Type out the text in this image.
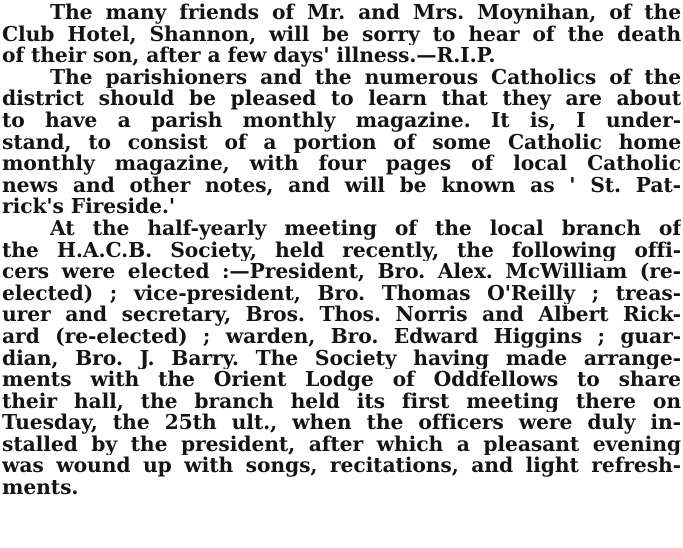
The many friends of Mr. and Mrs. Moynihan, of the
Club Hotel, Shannon, will be sorry to hear of the death
of their son, after a few days' illness.—R.I.P.
The parishioners and the numerous Catholics of the
district should be pleased to learn that they are about
to have a parish monthly magazine. It is, I under-
stand, to consist of a portion of some Catholic home
monthly magazine, with four pages of local Catholic
news and other notes, and will be known as ' St. Pat-
rick's Fireside.'
At the half-yearly meeting of the local branch of
the H.A.C.B. Society, held recently, the following offi-
cers were elected :—President, Bro. Alex. McWilliam (re-
elected) ; vice-president, Bro. Thomas O'Reilly ; treas-
urer and secretary, Bros. Thos. Norris and Albert Rick-
ard (re-elected) ; warden, Bro. Edward Higgins ; guar-
dian, Bro. J. Barry. The Society having made arrange-
ments with the Orient Lodge of Oddfellows to share
their hall, the branch held its first meeting there on
Tuesday, the 25th ult., when the officers were duly in-
stalled by the president, after which a pleasant evening
was wound up with songs, recitations, and light refresh-
ments.
